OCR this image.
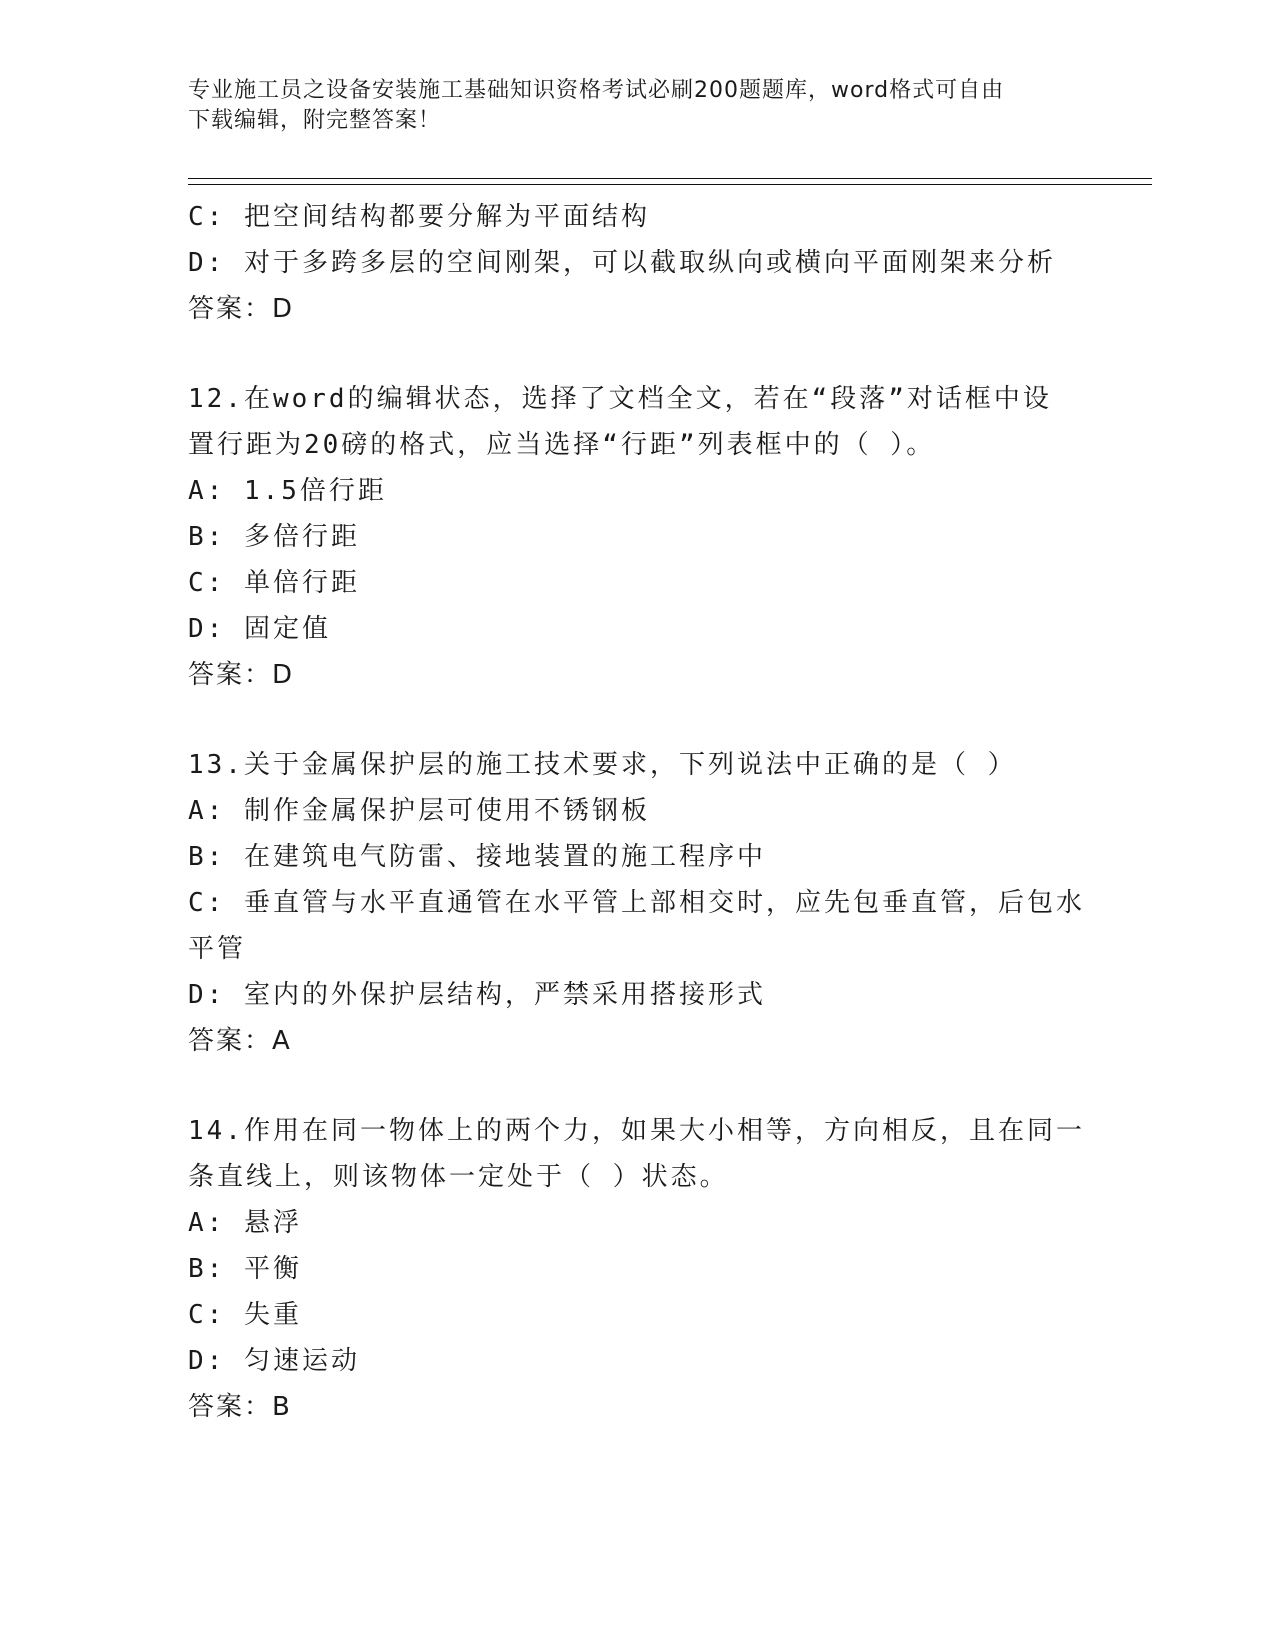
专业施工员之设备安装施工基础知识资格考试必刷200题题库，word格式可自由
下载编辑，附完整答案！
C: 把空间结构都要分解为平面结构
D: 对于多跨多层的空间刚架，可以截取纵向或横向平面刚架来分析
答案：D
12.在word的编辑状态，选择了文档全文，若在“段落”对话框中设
置行距为20磅的格式，应当选择“行距”列表框中的（ ）。
A: 1.5倍行距
B: 多倍行距
C: 单倍行距
D: 固定值
答案：D
13.关于金属保护层的施工技术要求，下列说法中正确的是（ ）
A: 制作金属保护层可使用不锈钢板
B: 在建筑电气防雷、接地装置的施工程序中
C: 垂直管与水平直通管在水平管上部相交时，应先包垂直管，后包水
平管
D: 室内的外保护层结构，严禁采用搭接形式
答案：A
14.作用在同一物体上的两个力，如果大小相等，方向相反，且在同一
条直线上，则该物体一定处于（ ）状态。
A: 悬浮
B: 平衡
C: 失重
D: 匀速运动
答案：B
